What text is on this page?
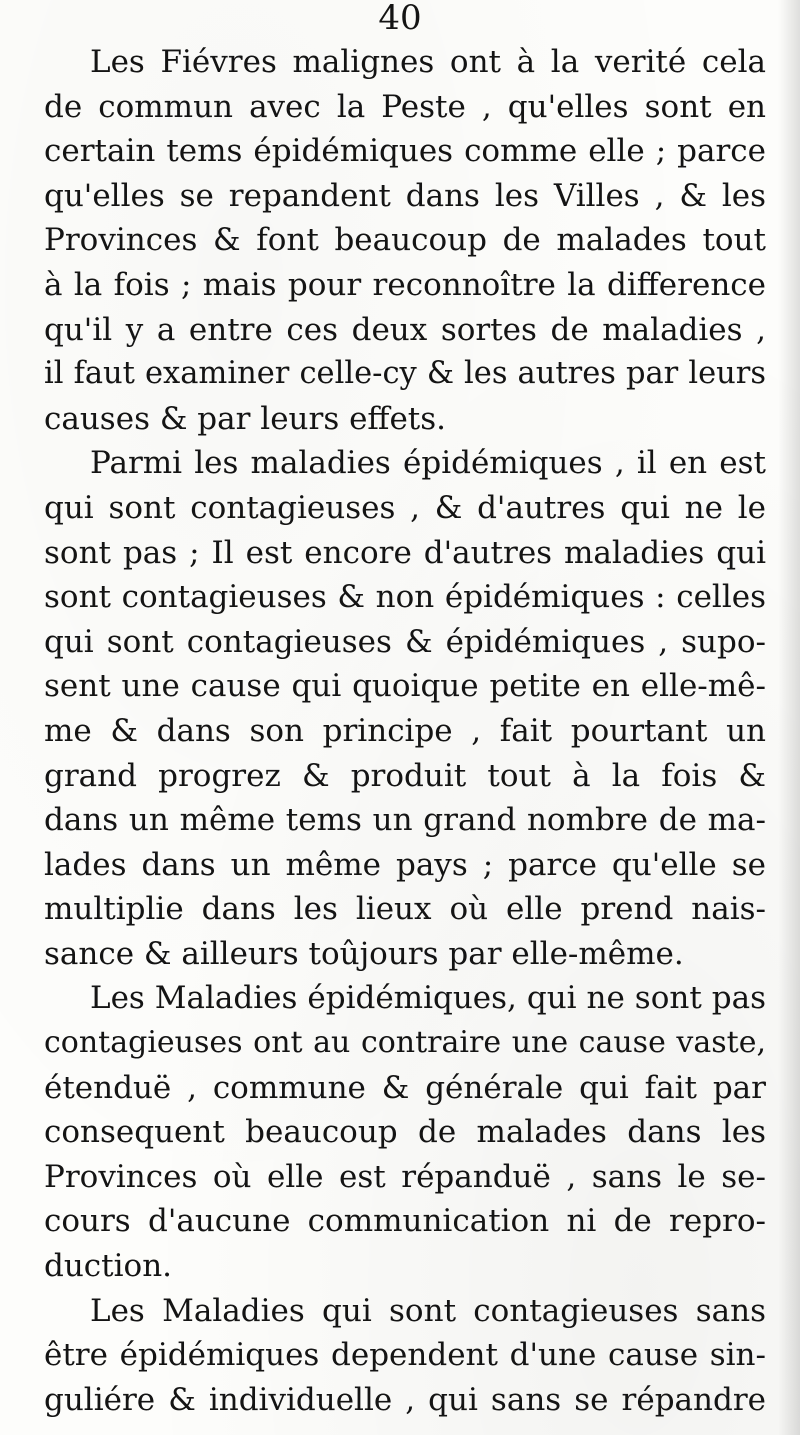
40
Les Fiévres malignes ont à la verité cela
de commun avec la Peste , qu'elles sont en
certain tems épidémiques comme elle ; parce
qu'elles se repandent dans les Villes , & les
Provinces & font beaucoup de malades tout
à la fois ; mais pour reconnoître la difference
qu'il y a entre ces deux sortes de maladies ,
il faut examiner celle-cy & les autres par leurs
causes & par leurs effets.
Parmi les maladies épidémiques , il en est
qui sont contagieuses , & d'autres qui ne le
sont pas ; Il est encore d'autres maladies qui
sont contagieuses & non épidémiques : celles
qui sont contagieuses & épidémiques , supo-
sent une cause qui quoique petite en elle-mê-
me & dans son principe , fait pourtant un
grand progrez & produit tout à la fois &
dans un même tems un grand nombre de ma-
lades dans un même pays ; parce qu'elle se
multiplie dans les lieux où elle prend nais-
sance & ailleurs toûjours par elle-même.
Les Maladies épidémiques, qui ne sont pas
contagieuses ont au contraire une cause vaste,
étenduë , commune & générale qui fait par
consequent beaucoup de malades dans les
Provinces où elle est répanduë , sans le se-
cours d'aucune communication ni de repro-
duction.
Les Maladies qui sont contagieuses sans
être épidémiques dependent d'une cause sin-
guliére & individuelle , qui sans se répandre
